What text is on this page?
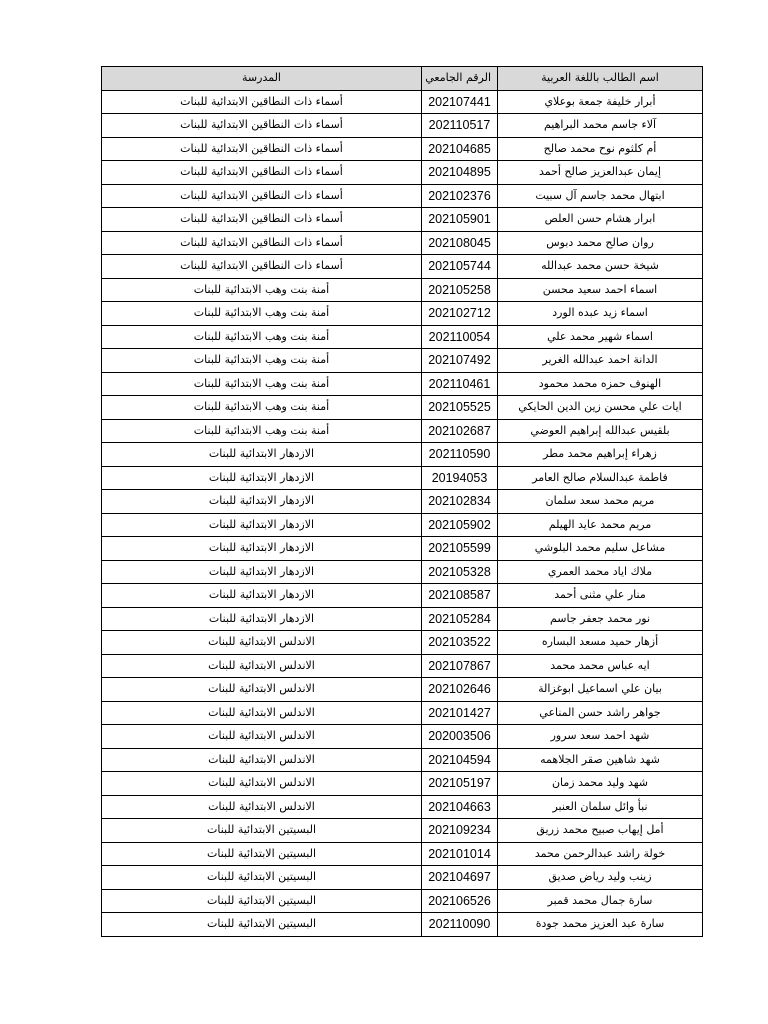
اسم الطالب باللغة العربية	الرقم الجامعي	المدرسة
أبرار خليفة جمعة بوعلاي	202107441	أسماء ذات النطاقين الابتدائية للبنات
آلاء جاسم محمد البراهيم	202110517	أسماء ذات النطاقين الابتدائية للبنات
أم كلثوم نوح محمد صالح	202104685	أسماء ذات النطاقين الابتدائية للبنات
إيمان عبدالعزيز صالح أحمد	202104895	أسماء ذات النطاقين الابتدائية للبنات
ابتهال محمد جاسم آل سبيت	202102376	أسماء ذات النطاقين الابتدائية للبنات
ابرار هشام حسن العلص	202105901	أسماء ذات النطاقين الابتدائية للبنات
روان صالح محمد دبوس	202108045	أسماء ذات النطاقين الابتدائية للبنات
شيخة حسن محمد عبدالله	202105744	أسماء ذات النطاقين الابتدائية للبنات
اسماء احمد سعيد محسن	202105258	أمنة بنت وهب الابتدائية للبنات
اسماء زيد عبده الورد	202102712	أمنة بنت وهب الابتدائية للبنات
اسماء شهير محمد علي	202110054	أمنة بنت وهب الابتدائية للبنات
الدانة احمد عبدالله الغرير	202107492	أمنة بنت وهب الابتدائية للبنات
الهنوف حمزه محمد محمود	202110461	أمنة بنت وهب الابتدائية للبنات
ايات علي محسن زين الدين الحايكي	202105525	أمنة بنت وهب الابتدائية للبنات
بلقيس عبدالله إبراهيم العوضي	202102687	أمنة بنت وهب الابتدائية للبنات
زهراء إبراهيم محمد مطر	202110590	الازدهار الابتدائية للبنات
فاطمة عبدالسلام صالح العامر	20194053	الازدهار الابتدائية للبنات
مريم محمد سعد سلمان	202102834	الازدهار الابتدائية للبنات
مريم محمد عايد الهيلم	202105902	الازدهار الابتدائية للبنات
مشاعل سليم محمد البلوشي	202105599	الازدهار الابتدائية للبنات
ملاك اياد محمد العمري	202105328	الازدهار الابتدائية للبنات
منار علي مثنى أحمد	202108587	الازدهار الابتدائية للبنات
نور محمد جعفر جاسم	202105284	الازدهار الابتدائية للبنات
أزهار حميد مسعد البساره	202103522	الاندلس الابتدائية للبنات
ايه عباس محمد محمد	202107867	الاندلس الابتدائية للبنات
بيان علي اسماعيل ابوغزالة	202102646	الاندلس الابتدائية للبنات
جواهر راشد حسن المناعي	202101427	الاندلس الابتدائية للبنات
شهد احمد سعد سرور	202003506	الاندلس الابتدائية للبنات
شهد شاهين صقر الجلاهمه	202104594	الاندلس الابتدائية للبنات
شهد وليد محمد زمان	202105197	الاندلس الابتدائية للبنات
نبأ وائل سلمان العنبر	202104663	الاندلس الابتدائية للبنات
أمل إيهاب صبيح محمد زريق	202109234	البسيتين الابتدائية للبنات
خولة راشد عبدالرحمن محمد	202101014	البسيتين الابتدائية للبنات
زينب وليد رياض صديق	202104697	البسيتين الابتدائية للبنات
سارة جمال محمد قمبر	202106526	البسيتين الابتدائية للبنات
سارة عبد العزيز محمد جودة	202110090	البسيتين الابتدائية للبنات
